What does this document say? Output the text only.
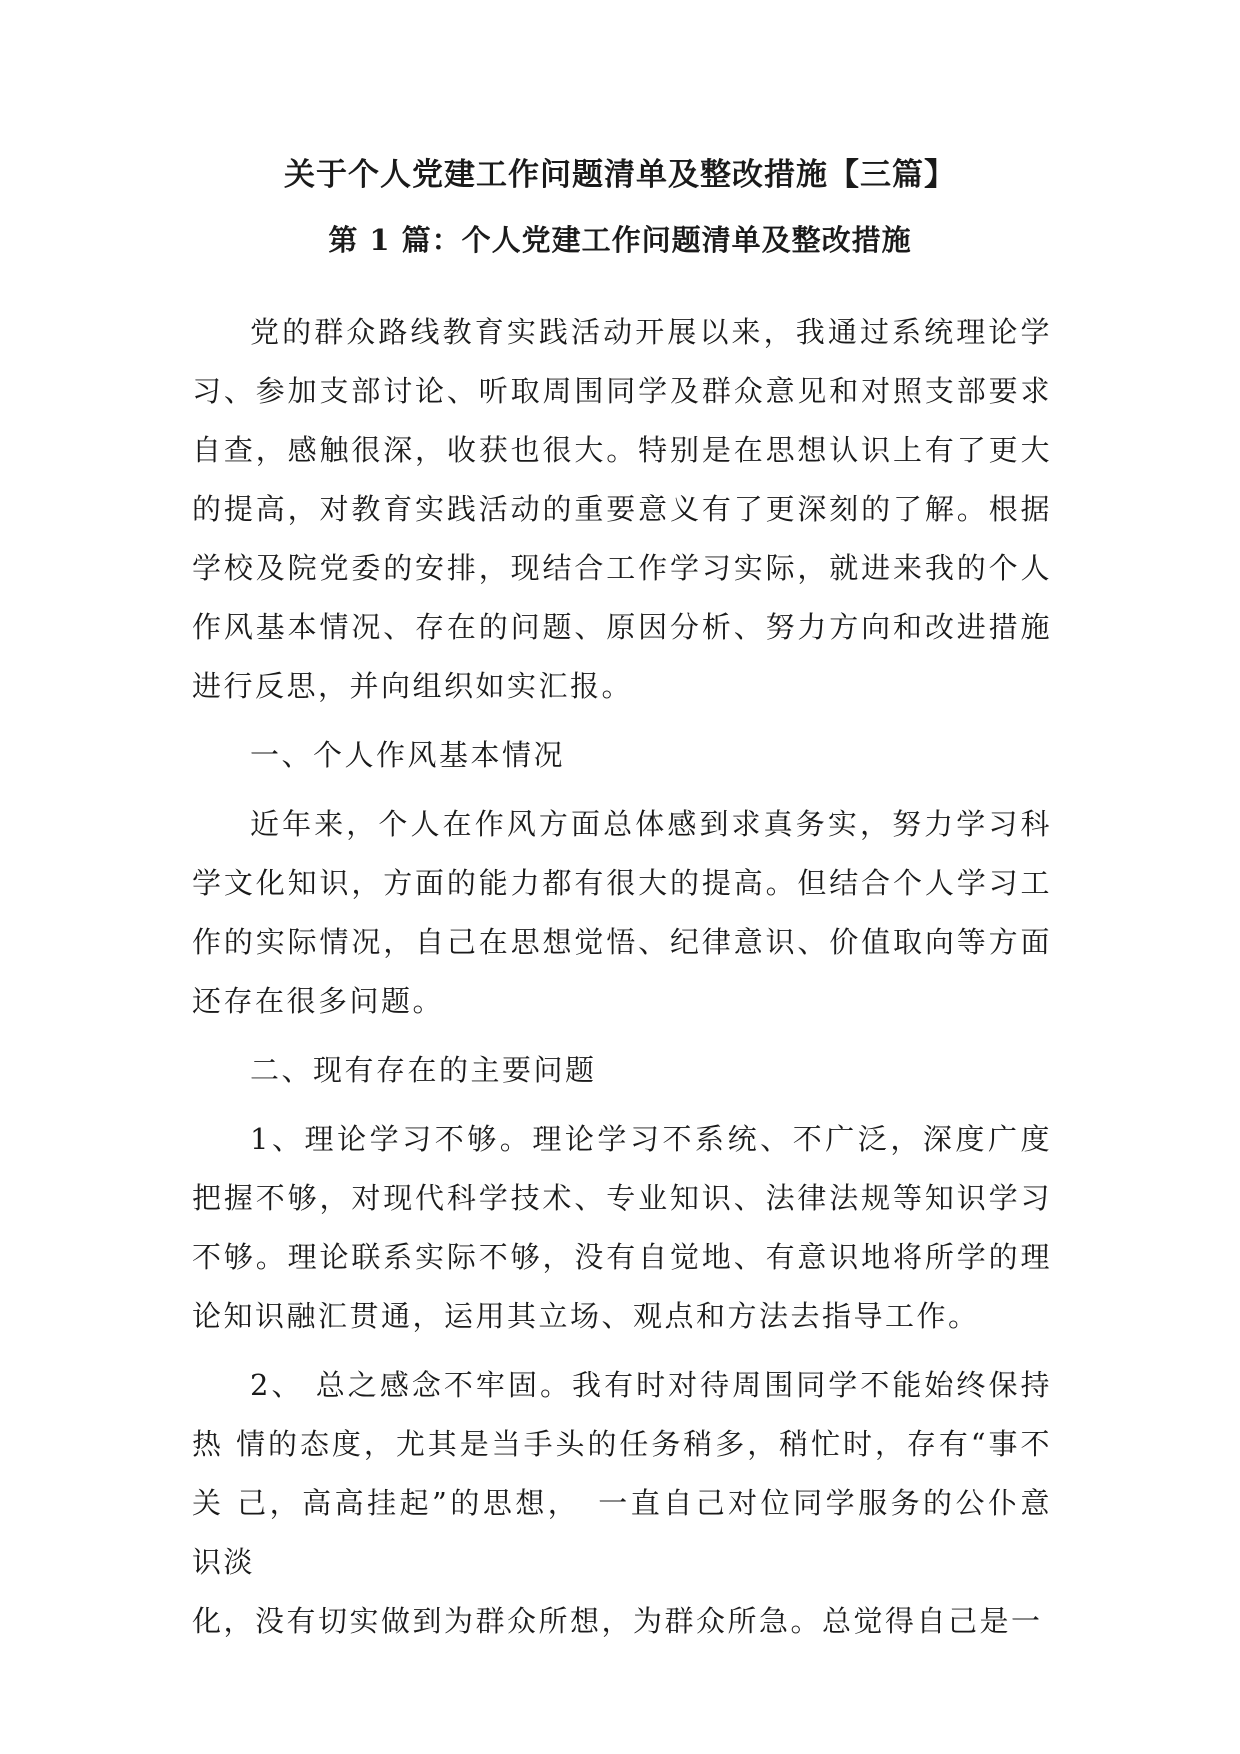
关于个人党建工作问题清单及整改措施【三篇】
第 1 篇：个人党建工作问题清单及整改措施

党的群众路线教育实践活动开展以来，我通过系统理论学习、参加支部讨论、听取周围同学及群众意见和对照支部要求自查，感触很深，收获也很大。特别是在思想认识上有了更大的提高，对教育实践活动的重要意义有了更深刻的了解。根据学校及院党委的安排，现结合工作学习实际，就进来我的个人作风基本情况、存在的问题、原因分析、努力方向和改进措施进行反思，并向组织如实汇报。

一、个人作风基本情况

近年来，个人在作风方面总体感到求真务实，努力学习科学文化知识，方面的能力都有很大的提高。但结合个人学习工作的实际情况，自己在思想觉悟、纪律意识、价值取向等方面还存在很多问题。

二、现有存在的主要问题

1、理论学习不够。理论学习不系统、不广泛，深度广度把握不够，对现代科学技术、专业知识、法律法规等知识学习不够。理论联系实际不够，没有自觉地、有意识地将所学的理论知识融汇贯通，运用其立场、观点和方法去指导工作。

2、 总之感念不牢固。我有时对待周围同学不能始终保持热 情的态度，尤其是当手头的任务稍多，稍忙时，存有“事不关 己，高高挂起”的思想，　一直自己对位同学服务的公仆意识淡

化，没有切实做到为群众所想，为群众所急。总觉得自己是一
